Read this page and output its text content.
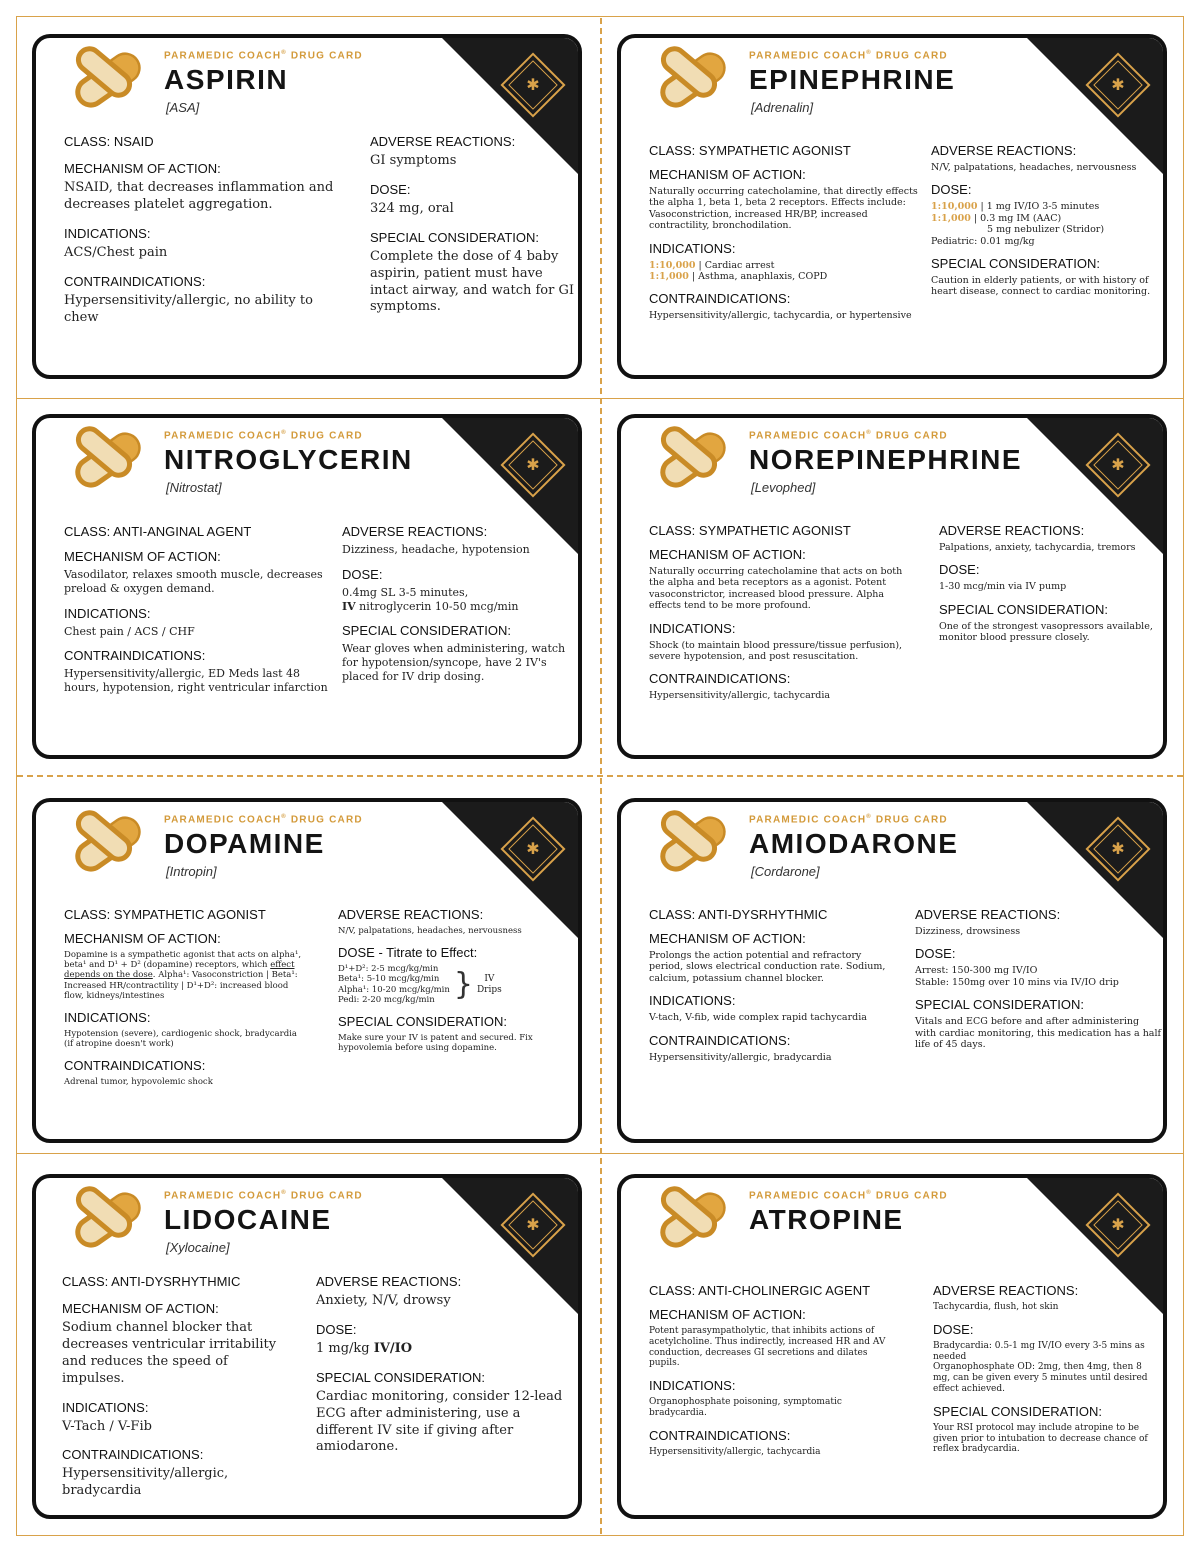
✱
PARAMEDIC COACH® DRUG CARD
ASPIRIN
[ASA]
CLASS: NSAID
MECHANISM OF ACTION:
NSAID, that decreases inflammation and decreases platelet aggregation.
INDICATIONS:
ACS/Chest pain
CONTRAINDICATIONS:
Hypersensitivity/allergic, no ability to chew
ADVERSE REACTIONS:
GI symptoms
DOSE:
324 mg, oral
SPECIAL CONSIDERATION:
Complete the dose of 4 baby aspirin, patient must have intact airway, and watch for GI symptoms.
✱
PARAMEDIC COACH® DRUG CARD
EPINEPHRINE
[Adrenalin]
CLASS: SYMPATHETIC AGONIST
MECHANISM OF ACTION:
Naturally occurring catecholamine, that directly effects the alpha 1, beta 1, beta 2 receptors. Effects include: Vasoconstriction, increased HR/BP, increased contractility, bronchodilation.
INDICATIONS:
1:10,000 | Cardiac arrest
1:1,000 | Asthma, anaphlaxis, COPD
CONTRAINDICATIONS:
Hypersensitivity/allergic, tachycardia, or hypertensive
ADVERSE REACTIONS:
N/V, palpatations, headaches, nervousness
DOSE:
1:10,000 | 1 mg IV/IO 3-5 minutes
1:1,000 | 0.3 mg IM (AAC)
5 mg nebulizer (Stridor)
Pediatric: 0.01 mg/kg
SPECIAL CONSIDERATION:
Caution in elderly patients, or with history of heart disease, connect to cardiac monitoring.
✱
PARAMEDIC COACH® DRUG CARD
NITROGLYCERIN
[Nitrostat]
CLASS: ANTI-ANGINAL AGENT
MECHANISM OF ACTION:
Vasodilator, relaxes smooth muscle, decreases preload & oxygen demand.
INDICATIONS:
Chest pain / ACS / CHF
CONTRAINDICATIONS:
Hypersensitivity/allergic, ED Meds last 48 hours, hypotension, right ventricular infarction
ADVERSE REACTIONS:
Dizziness, headache, hypotension
DOSE:
0.4mg SL 3-5 minutes,
IV nitroglycerin 10-50 mcg/min
SPECIAL CONSIDERATION:
Wear gloves when administering, watch for hypotension/syncope, have 2 IV's placed for IV drip dosing.
✱
PARAMEDIC COACH® DRUG CARD
NOREPINEPHRINE
[Levophed]
CLASS: SYMPATHETIC AGONIST
MECHANISM OF ACTION:
Naturally occurring catecholamine that acts on both the alpha and beta receptors as a agonist. Potent vasoconstrictor, increased blood pressure. Alpha effects tend to be more profound.
INDICATIONS:
Shock (to maintain blood pressure/tissue perfusion), severe hypotension, and post resuscitation.
CONTRAINDICATIONS:
Hypersensitivity/allergic, tachycardia
ADVERSE REACTIONS:
Palpations, anxiety, tachycardia, tremors
DOSE:
1-30 mcg/min via IV pump
SPECIAL CONSIDERATION:
One of the strongest vasopressors available, monitor blood pressure closely.
✱
PARAMEDIC COACH® DRUG CARD
DOPAMINE
[Intropin]
CLASS: SYMPATHETIC AGONIST
MECHANISM OF ACTION:
Dopamine is a sympathetic agonist that acts on alpha¹, beta¹ and D¹ + D² (dopamine) receptors, which effect depends on the dose. Alpha¹: Vasoconstriction | Beta¹: Increased HR/contractility | D¹+D²: increased blood flow, kidneys/intestines
INDICATIONS:
Hypotension (severe), cardiogenic shock, bradycardia (if atropine doesn't work)
CONTRAINDICATIONS:
Adrenal tumor, hypovolemic shock
ADVERSE REACTIONS:
N/V, palpatations, headaches, nervousness
DOSE - Titrate to Effect:
D¹+D²: 2-5 mcg/kg/min
Beta¹: 5-10 mcg/kg/min
Alpha¹: 10-20 mcg/kg/min
Pedi: 2-20 mcg/kg/min }	IV
Drips
SPECIAL CONSIDERATION:
Make sure your IV is patent and secured. Fix hypovolemia before using dopamine.
✱
PARAMEDIC COACH® DRUG CARD
AMIODARONE
[Cordarone]
CLASS: ANTI-DYSRHYTHMIC
MECHANISM OF ACTION:
Prolongs the action potential and refractory period, slows electrical conduction rate. Sodium, calcium, potassium channel blocker.
INDICATIONS:
V-tach, V-fib, wide complex rapid tachycardia
CONTRAINDICATIONS:
Hypersensitivity/allergic, bradycardia
ADVERSE REACTIONS:
Dizziness, drowsiness
DOSE:
Arrest: 150-300 mg IV/IO
Stable: 150mg over 10 mins via IV/IO drip
SPECIAL CONSIDERATION:
Vitals and ECG before and after administering with cardiac monitoring, this medication has a half life of 45 days.
✱
PARAMEDIC COACH® DRUG CARD
LIDOCAINE
[Xylocaine]
CLASS: ANTI-DYSRHYTHMIC
MECHANISM OF ACTION:
Sodium channel blocker that decreases ventricular irritability and reduces the speed of impulses.
INDICATIONS:
V-Tach / V-Fib
CONTRAINDICATIONS:
Hypersensitivity/allergic, bradycardia
ADVERSE REACTIONS:
Anxiety, N/V, drowsy
DOSE:
1 mg/kg IV/IO
SPECIAL CONSIDERATION:
Cardiac monitoring, consider 12-lead ECG after administering, use a different IV site if giving after amiodarone.
✱
PARAMEDIC COACH® DRUG CARD
ATROPINE
CLASS: ANTI-CHOLINERGIC AGENT
MECHANISM OF ACTION:
Potent parasympatholytic, that inhibits actions of acetylcholine. Thus indirectly, increased HR and AV conduction, decreases GI secretions and dilates pupils.
INDICATIONS:
Organophosphate poisoning, symptomatic bradycardia.
CONTRAINDICATIONS:
Hypersensitivity/allergic, tachycardia
ADVERSE REACTIONS:
Tachycardia, flush, hot skin
DOSE:
Bradycardia: 0.5-1 mg IV/IO every 3-5 mins as needed
Organophosphate OD: 2mg, then 4mg, then 8 mg, can be given every 5 minutes until desired effect achieved.
SPECIAL CONSIDERATION:
Your RSI protocol may include atropine to be given prior to intubation to decrease chance of reflex bradycardia.
